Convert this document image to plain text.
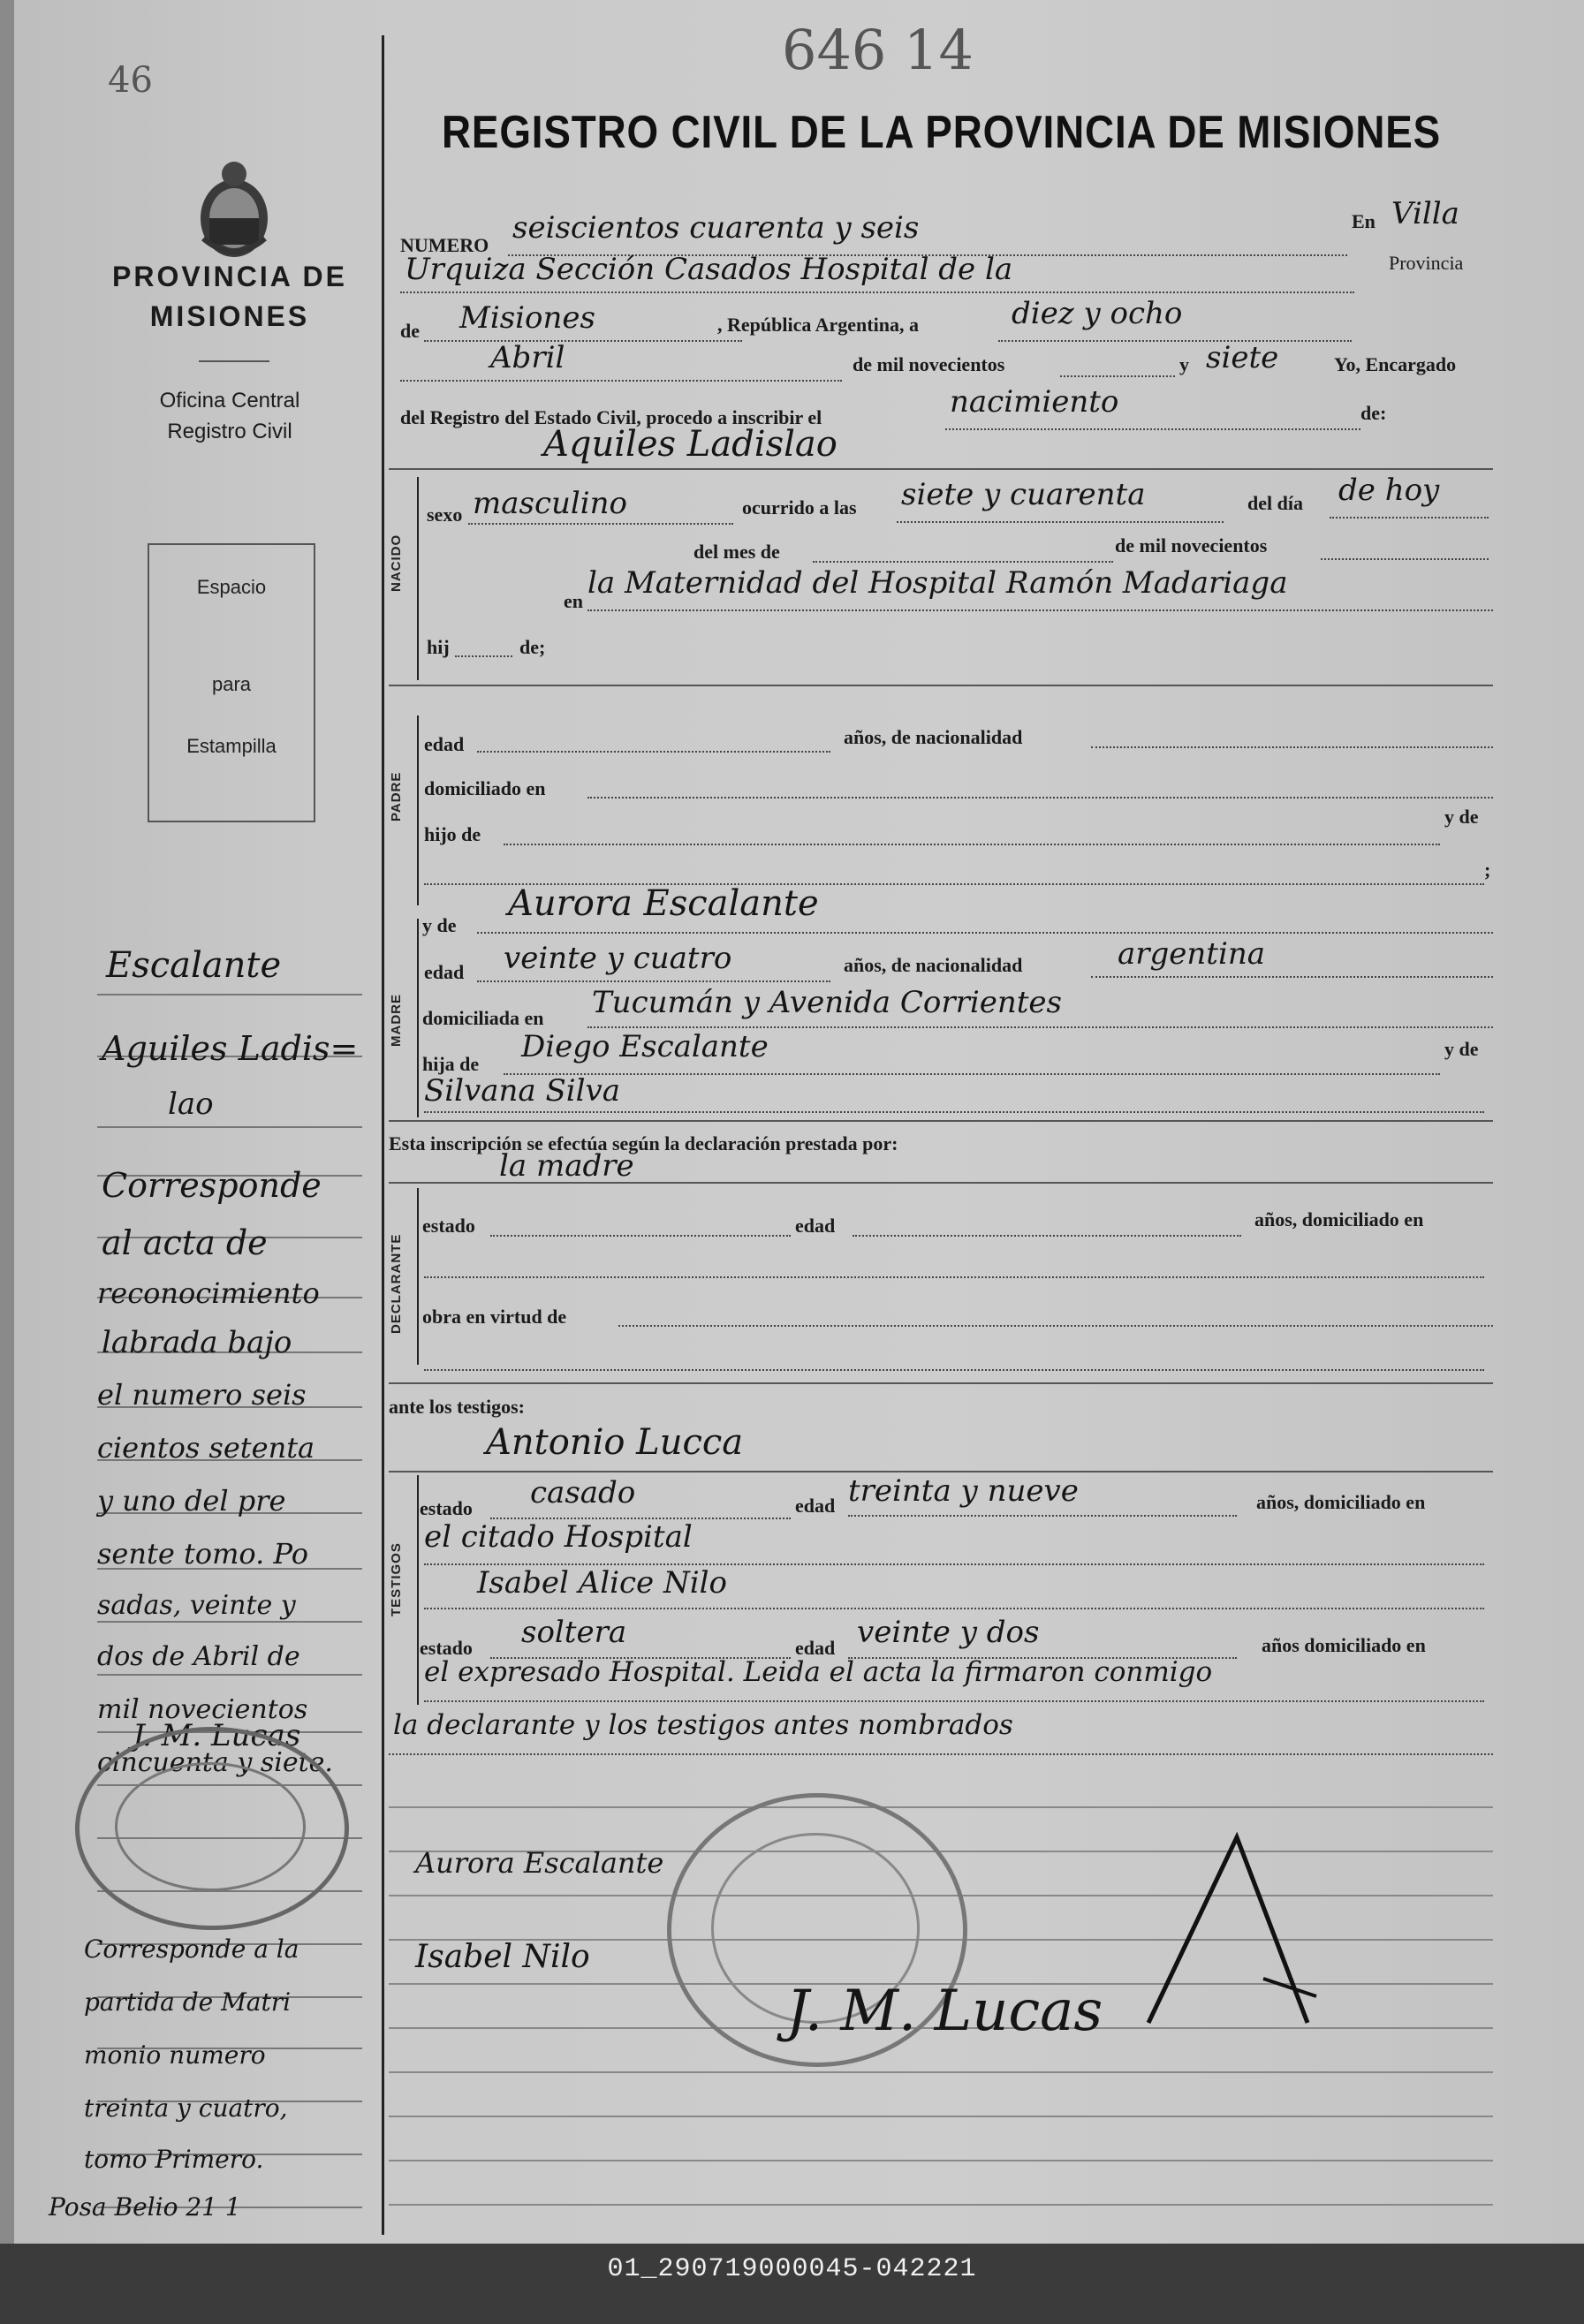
46	646 14
PROVINCIA DE
MISIONES
Oficina Central
Registro Civil
Espacio
para
Estampilla
Escalante
Aguiles Ladis=
lao
Corresponde
al acta de
reconocimiento
labrada bajo
el numero seis
cientos setenta
y uno del pre
sente tomo. Po
sadas, veinte y
dos de Abril de
mil novecientos
cincuenta y siete.
J. M. Lucas
Corresponde a la
partida de Matri
monio numero
treinta y cuatro,
tomo Primero.
Posa Belio 21 1
REGISTRO CIVIL DE LA PROVINCIA DE MISIONES
NUMERO seiscientos cuarenta y seis	En Villa
Urquiza Sección Casados Hospital de la	Provincia
de Misiones	, República Argentina, a	diez y ocho
Abril	de mil novecientos	y siete	Yo, Encargado
del Registro del Estado Civil, procedo a inscribir el	nacimiento	de:
Aquiles Ladislao
NACIDO
sexo masculino	ocurrido a las siete y cuarenta	del día de hoy
del mes de	de mil novecientos
en
la Maternidad del Hospital Ramón Madariaga
hij	de;
PADRE
edad	años, de nacionalidad
domiciliado en
hijo de
y de
;
y de
Aurora Escalante
MADRE
edad veinte y cuatro	años, de nacionalidad	argentina
domiciliada en Tucumán y Avenida Corrientes
hija de Diego Escalante	y de
Silvana Silva
Esta inscripción se efectúa según la declaración prestada por:
la madre
DECLARANTE
estado	edad	años, domiciliado en
obra en virtud de
ante los testigos:
Antonio Lucca
TESTIGOS
estado casado	edad treinta y nueve	años, domiciliado en
el citado Hospital
Isabel Alice Nilo
estado soltera	edad veinte y dos	años domiciliado en
el expresado Hospital. Leida el acta la firmaron conmigo
la declarante y los testigos antes nombrados
Aurora Escalante
Isabel Nilo
J. M. Lucas
01_290719000045-042221
